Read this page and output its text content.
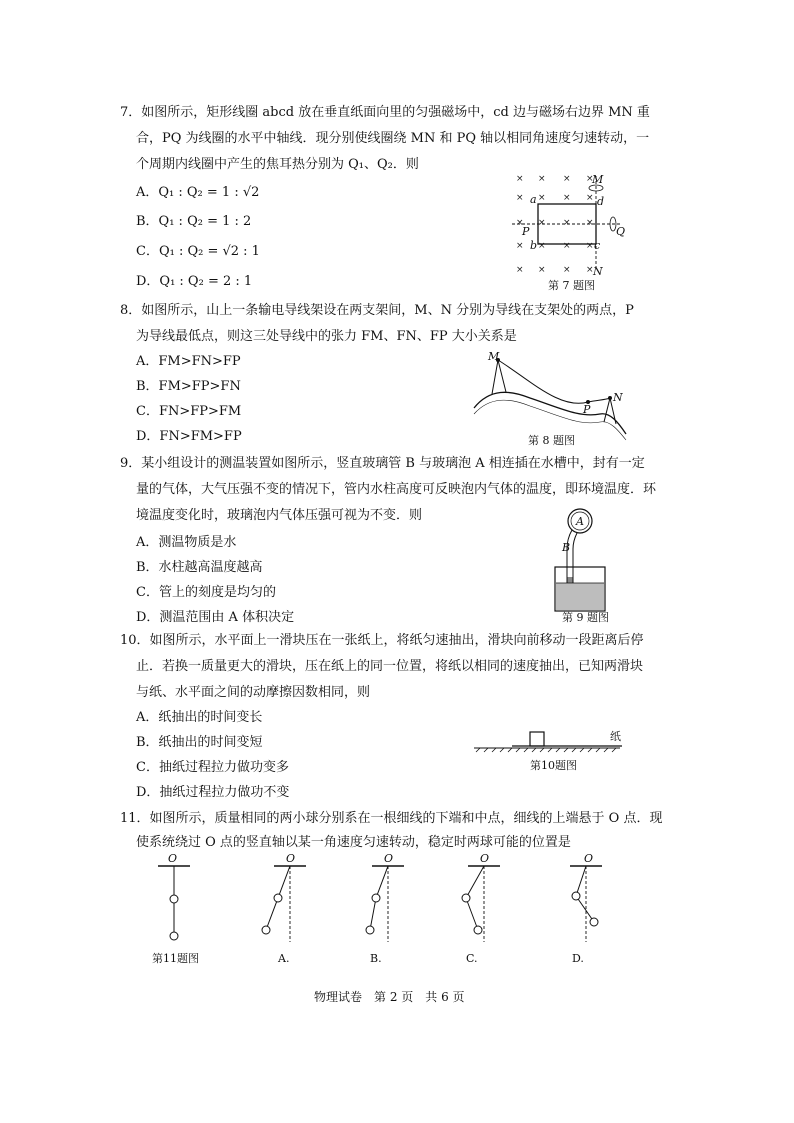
7．如图所示，矩形线圈 abcd 放在垂直纸面向里的匀强磁场中，cd 边与磁场右边界 MN 重
合，PQ 为线圈的水平中轴线．现分别使线圈绕 MN 和 PQ 轴以相同角速度匀速转动，一
个周期内线圈中产生的焦耳热分别为 Q₁、Q₂．则
A．Q₁ : Q₂ = 1 : √2
B．Q₁ : Q₂ = 1 : 2
C．Q₁ : Q₂ = √2 : 1
D．Q₁ : Q₂ = 2 : 1
× × × ×
× × × ×
× × × ×
× × × ×
× × × ×
M
a	d
P	Q
b	c
N
第 7 题图
8．如图所示，山上一条输电导线架设在两支架间，M、N 分别为导线在支架处的两点，P
为导线最低点，则这三处导线中的张力 FM、FN、FP 大小关系是
A．FM>FN>FP
B．FM>FP>FN
C．FN>FP>FM
D．FN>FM>FP
M
N
P
第 8 题图
9．某小组设计的测温装置如图所示，竖直玻璃管 B 与玻璃泡 A 相连插在水槽中，封有一定
量的气体，大气压强不变的情况下，管内水柱高度可反映泡内气体的温度，即环境温度．环
境温度变化时，玻璃泡内气体压强可视为不变．则
A．测温物质是水
B．水柱越高温度越高
C．管上的刻度是均匀的
D．测温范围由 A 体积决定
A
B
第 9 题图
10．如图所示，水平面上一滑块压在一张纸上，将纸匀速抽出，滑块向前移动一段距离后停
止．若换一质量更大的滑块，压在纸上的同一位置，将纸以相同的速度抽出，已知两滑块
与纸、水平面之间的动摩擦因数相同，则
A．纸抽出的时间变长
B．纸抽出的时间变短
C．抽纸过程拉力做功变多
D．抽纸过程拉力做功不变
纸
第10题图
11．如图所示，质量相同的两小球分别系在一根细线的下端和中点，细线的上端悬于 O 点．现
使系统绕过 O 点的竖直轴以某一角速度匀速转动，稳定时两球可能的位置是
O
第11题图
O
A.
O
B.
O
C.
O
D.
物理试卷　第 2 页　共 6 页
